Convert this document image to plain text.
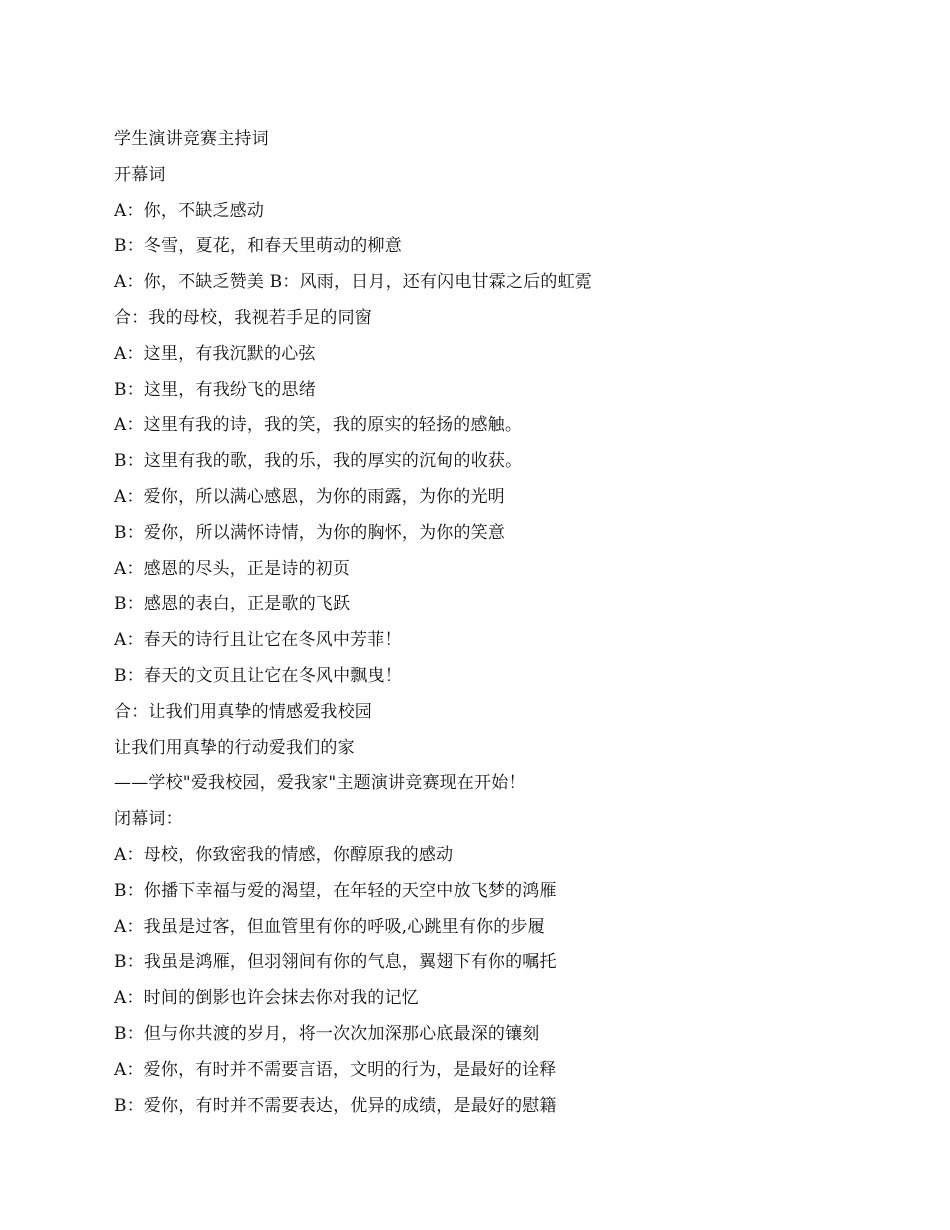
学生演讲竞赛主持词
开幕词
A：你，不缺乏感动
B：冬雪，夏花，和春天里萌动的柳意
A：你，不缺乏赞美 B：风雨，日月，还有闪电甘霖之后的虹霓
合：我的母校，我视若手足的同窗
A：这里，有我沉默的心弦
B：这里，有我纷飞的思绪
A：这里有我的诗，我的笑，我的原实的轻扬的感触。
B：这里有我的歌，我的乐，我的厚实的沉甸的收获。
A：爱你，所以满心感恩，为你的雨露，为你的光明
B：爱你，所以满怀诗情，为你的胸怀，为你的笑意
A：感恩的尽头，正是诗的初页
B：感恩的表白，正是歌的飞跃
A：春天的诗行且让它在冬风中芳菲！
B：春天的文页且让它在冬风中飘曳！
合：让我们用真挚的情感爱我校园
让我们用真挚的行动爱我们的家
——学校"爱我校园，爱我家"主题演讲竞赛现在开始！
闭幕词：
A：母校，你致密我的情感，你醇原我的感动
B：你播下幸福与爱的渴望，在年轻的天空中放飞梦的鸿雁
A：我虽是过客，但血管里有你的呼吸,心跳里有你的步履
B：我虽是鸿雁，但羽翎间有你的气息，翼翅下有你的嘱托
A：时间的倒影也许会抹去你对我的记忆
B：但与你共渡的岁月，将一次次加深那心底最深的镶刻
A：爱你，有时并不需要言语，文明的行为，是最好的诠释
B：爱你，有时并不需要表达，优异的成绩，是最好的慰籍
